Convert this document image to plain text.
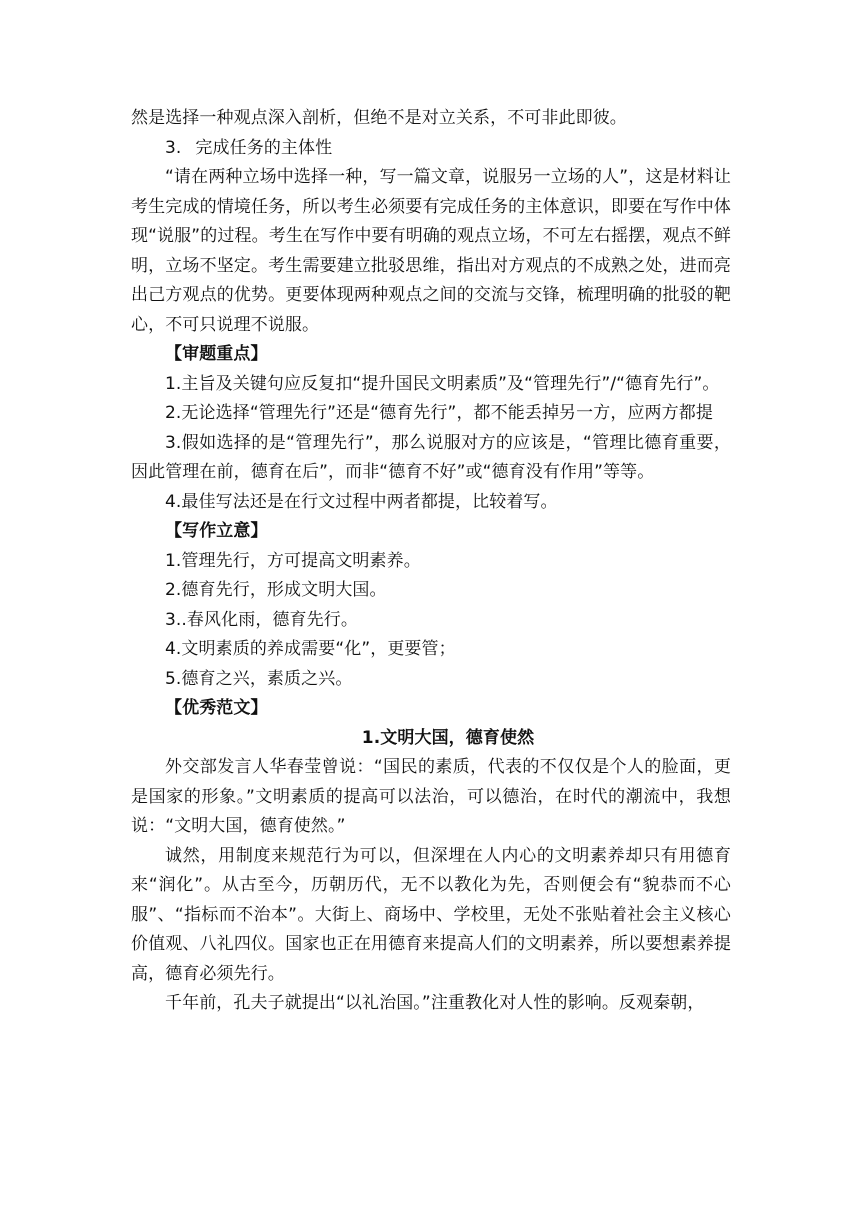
然是选择一种观点深入剖析，但绝不是对立关系，不可非此即彼。

3. 完成任务的主体性

“请在两种立场中选择一种，写一篇文章，说服另一立场的人”，这是材料让考生完成的情境任务，所以考生必须要有完成任务的主体意识，即要在写作中体现“说服”的过程。考生在写作中要有明确的观点立场，不可左右摇摆，观点不鲜明，立场不坚定。考生需要建立批驳思维，指出对方观点的不成熟之处，进而亮出己方观点的优势。更要体现两种观点之间的交流与交锋，梳理明确的批驳的靶心，不可只说理不说服。

【审题重点】

1.主旨及关键句应反复扣“提升国民文明素质”及“管理先行”/“德育先行”。

2.无论选择“管理先行”还是“德育先行”，都不能丢掉另一方，应两方都提

3.假如选择的是“管理先行”，那么说服对方的应该是，“管理比德育重要，因此管理在前，德育在后”，而非“德育不好”或“德育没有作用”等等。

4.最佳写法还是在行文过程中两者都提，比较着写。

【写作立意】

1.管理先行，方可提高文明素养。

2.德育先行，形成文明大国。

3..春风化雨，德育先行。

4.文明素质的养成需要“化”，更要管；

5.德育之兴，素质之兴。

【优秀范文】

1.文明大国，德育使然

外交部发言人华春莹曾说：“国民的素质，代表的不仅仅是个人的脸面，更是国家的形象。”文明素质的提高可以法治，可以德治，在时代的潮流中，我想说：“文明大国，德育使然。”

诚然，用制度来规范行为可以，但深埋在人内心的文明素养却只有用德育来“润化”。从古至今，历朝历代，无不以教化为先，否则便会有“貌恭而不心服”、“指标而不治本”。大街上、商场中、学校里，无处不张贴着社会主义核心价值观、八礼四仪。国家也正在用德育来提高人们的文明素养，所以要想素养提高，德育必须先行。

千年前，孔夫子就提出“以礼治国。”注重教化对人性的影响。反观秦朝，
